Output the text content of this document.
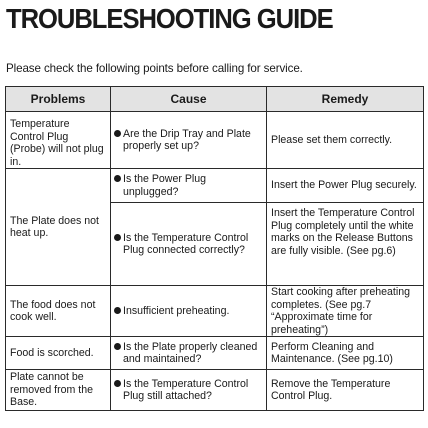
TROUBLESHOOTING GUIDE
Please check the following points before calling for service.
Problems	Cause	Remedy

Temperature Control Plug (Probe) will not plug in.	Are the Drip Tray and Plate properly set up?	Please set them correctly.

The Plate does not heat up.	Is the Power Plug unplugged?	Insert the Power Plug securely.

	Is the Temperature Control Plug connected correctly?	Insert the Temperature Control Plug completely until the white marks on the Release Buttons are fully visible. (See pg.6)

The food does not cook well.	Insufficient preheating.	Start cooking after preheating completes. (See pg.7 “Approximate time for preheating”)

Food is scorched.	Is the Plate properly cleaned and maintained?	Perform Cleaning and Maintenance. (See pg.10)

Plate cannot be removed from the Base.	Is the Temperature Control Plug still attached?	Remove the Temperature Control Plug.
